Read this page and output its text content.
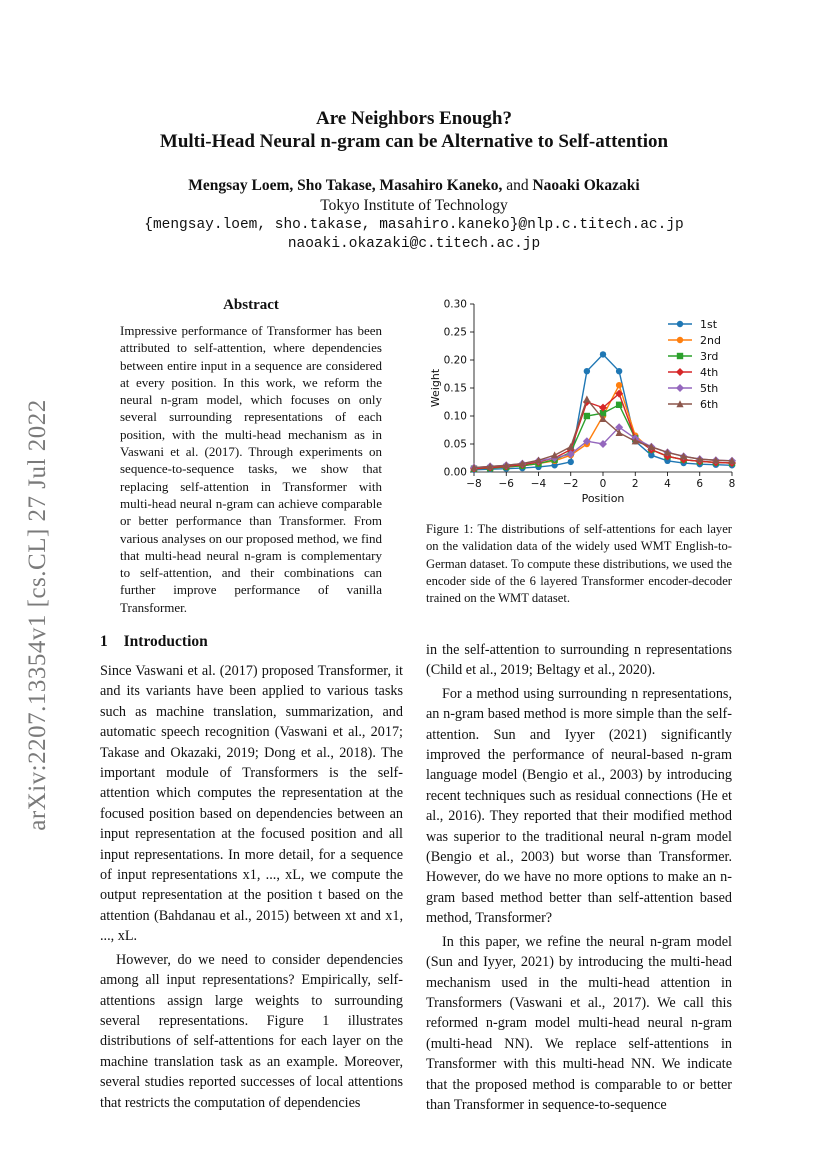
arXiv:2207.13354v1 [cs.CL] 27 Jul 2022
Are Neighbors Enough?
Multi-Head Neural n-gram can be Alternative to Self-attention
Mengsay Loem, Sho Takase, Masahiro Kaneko, and Naoaki Okazaki
Tokyo Institute of Technology
{mengsay.loem, sho.takase, masahiro.kaneko}@nlp.c.titech.ac.jp
naoaki.okazaki@c.titech.ac.jp
Abstract
Impressive performance of Transformer has been attributed to self-attention, where dependencies between entire input in a sequence are considered at every position. In this work, we reform the neural n-gram model, which focuses on only several surrounding representations of each position, with the multi-head mechanism as in Vaswani et al. (2017). Through experiments on sequence-to-sequence tasks, we show that replacing self-attention in Transformer with multi-head neural n-gram can achieve comparable or better performance than Transformer. From various analyses on our proposed method, we find that multi-head neural n-gram is complementary to self-attention, and their combinations can further improve performance of vanilla Transformer.
0.00
0.05
0.10
0.15
0.20
0.25
0.30
−8 −6 −4 −2 0 2 4 6 8
Position
Weight
1st
2nd
3rd
4th
5th
6th
Figure 1: The distributions of self-attentions for each layer on the validation data of the widely used WMT English-to-German dataset. To compute these distributions, we used the encoder side of the 6 layered Transformer encoder-decoder trained on the WMT dataset.
1 Introduction

Since Vaswani et al. (2017) proposed Transformer, it and its variants have been applied to various tasks such as machine translation, summarization, and automatic speech recognition (Vaswani et al., 2017; Takase and Okazaki, 2019; Dong et al., 2018). The important module of Transformers is the self-attention which computes the representation at the focused position based on dependencies between an input representation at the focused position and all input representations. In more detail, for a sequence of input representations x1, ..., xL, we compute the output representation at the position t based on the attention (Bahdanau et al., 2015) between xt and x1, ..., xL.

However, do we need to consider dependencies among all input representations? Empirically, self-attentions assign large weights to surrounding several representations. Figure 1 illustrates distributions of self-attentions for each layer on the machine translation task as an example. Moreover, several studies reported successes of local attentions that restricts the computation of dependencies

in the self-attention to surrounding n representations (Child et al., 2019; Beltagy et al., 2020).

For a method using surrounding n representations, an n-gram based method is more simple than the self-attention. Sun and Iyyer (2021) significantly improved the performance of neural-based n-gram language model (Bengio et al., 2003) by introducing recent techniques such as residual connections (He et al., 2016). They reported that their modified method was superior to the traditional neural n-gram model (Bengio et al., 2003) but worse than Transformer. However, do we have no more options to make an n-gram based method better than self-attention based method, Transformer?

In this paper, we refine the neural n-gram model (Sun and Iyyer, 2021) by introducing the multi-head mechanism used in the multi-head attention in Transformers (Vaswani et al., 2017). We call this reformed n-gram model multi-head neural n-gram (multi-head NN). We replace self-attentions in Transformer with this multi-head NN. We indicate that the proposed method is comparable to or better than Transformer in sequence-to-sequence
